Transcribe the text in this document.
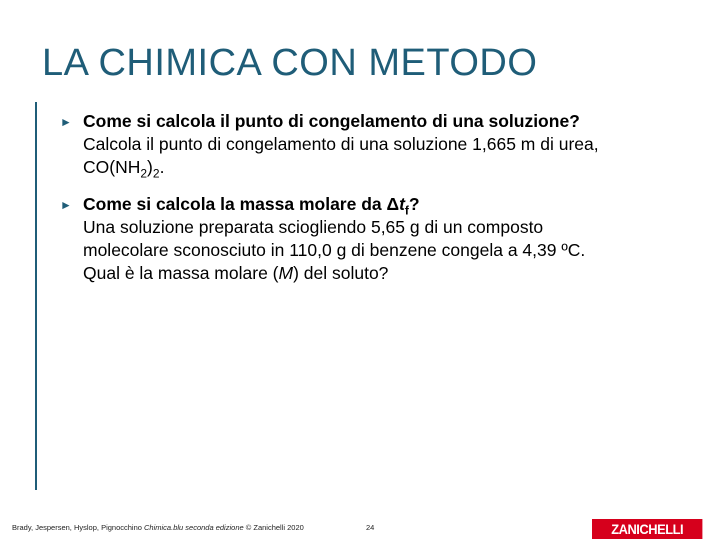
LA CHIMICA CON METODO
► Come si calcola il punto di congelamento di una soluzione?
Calcola il punto di congelamento di una soluzione 1,665 m di urea,
$CO(NH_2)_2$.
► Come si calcola la massa molare da $\Delta t_f$?
Una soluzione preparata sciogliendo 5,65 g di un composto
molecolare sconosciuto in 110,0 g di benzene congela a 4,39 ºC.
Qual è la massa molare (M) del soluto?
Brady, Jespersen, Hyslop, Pignocchino Chimica.blu seconda edizione © Zanichelli 2020	24	ZANICHELLI
